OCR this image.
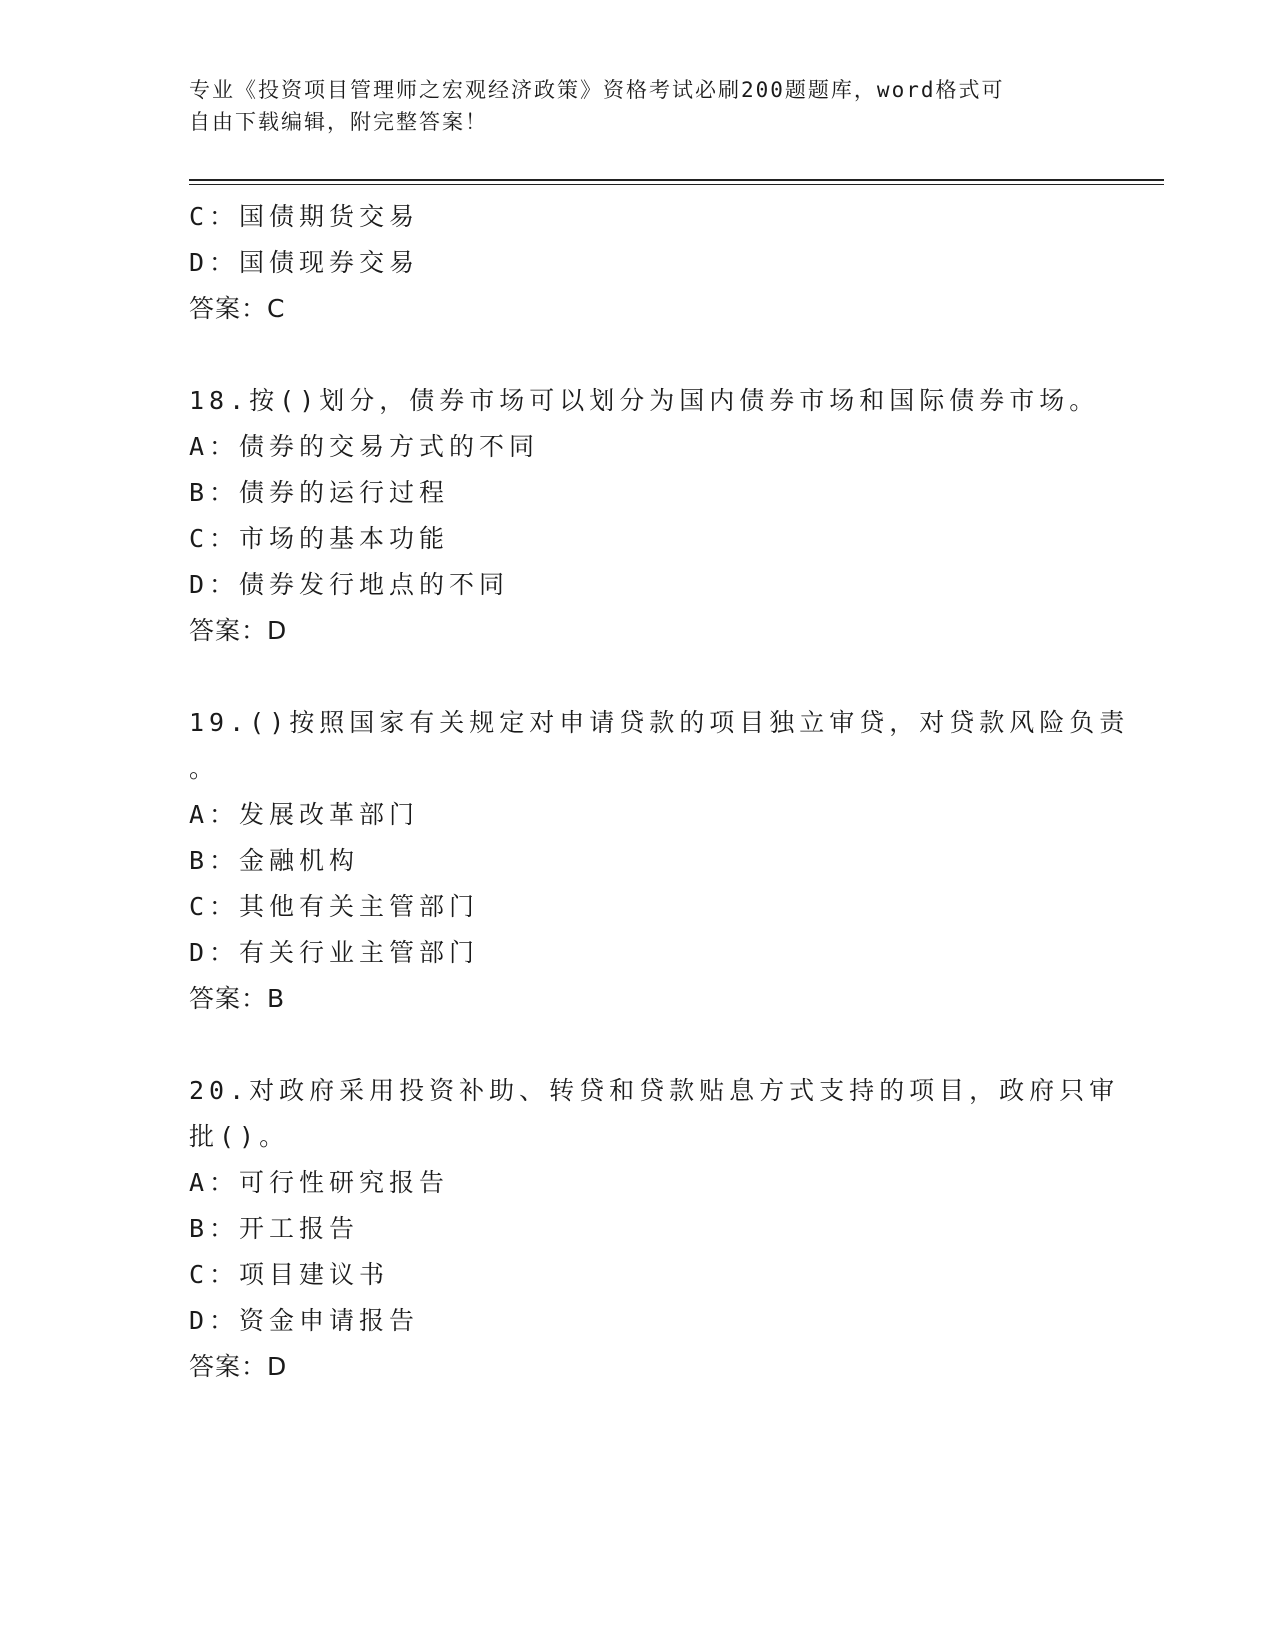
专业《投资项目管理师之宏观经济政策》资格考试必刷200题题库，word格式可
自由下载编辑，附完整答案！
C：国债期货交易
D：国债现券交易
答案：C
18.按()划分，债券市场可以划分为国内债券市场和国际债券市场。
A：债券的交易方式的不同
B：债券的运行过程
C：市场的基本功能
D：债券发行地点的不同
答案：D
19.()按照国家有关规定对申请贷款的项目独立审贷，对贷款风险负责
。
A：发展改革部门
B：金融机构
C：其他有关主管部门
D：有关行业主管部门
答案：B
20.对政府采用投资补助、转贷和贷款贴息方式支持的项目，政府只审
批()。
A：可行性研究报告
B：开工报告
C：项目建议书
D：资金申请报告
答案：D
